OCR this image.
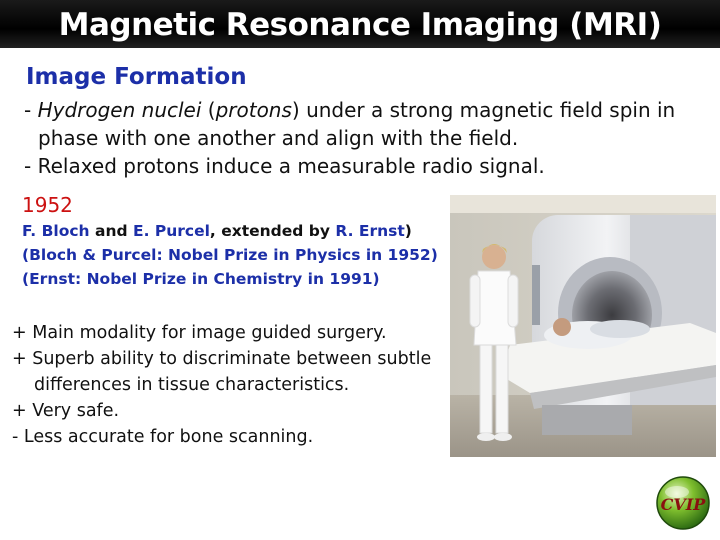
Magnetic Resonance Imaging (MRI)
Image Formation
- Hydrogen nuclei (protons) under a strong magnetic field spin in phase with one another and align with the field.
- Relaxed protons induce a measurable radio signal.

1952

F. Bloch and E. Purcel, extended by R. Ernst)

(Bloch & Purcel: Nobel Prize in Physics in 1952)

(Ernst: Nobel Prize in Chemistry in 1991)

+ Main modality for image guided surgery.
+ Superb ability to discriminate between subtle differences in tissue characteristics.
+ Very safe.
- Less accurate for bone scanning.
CVIP
